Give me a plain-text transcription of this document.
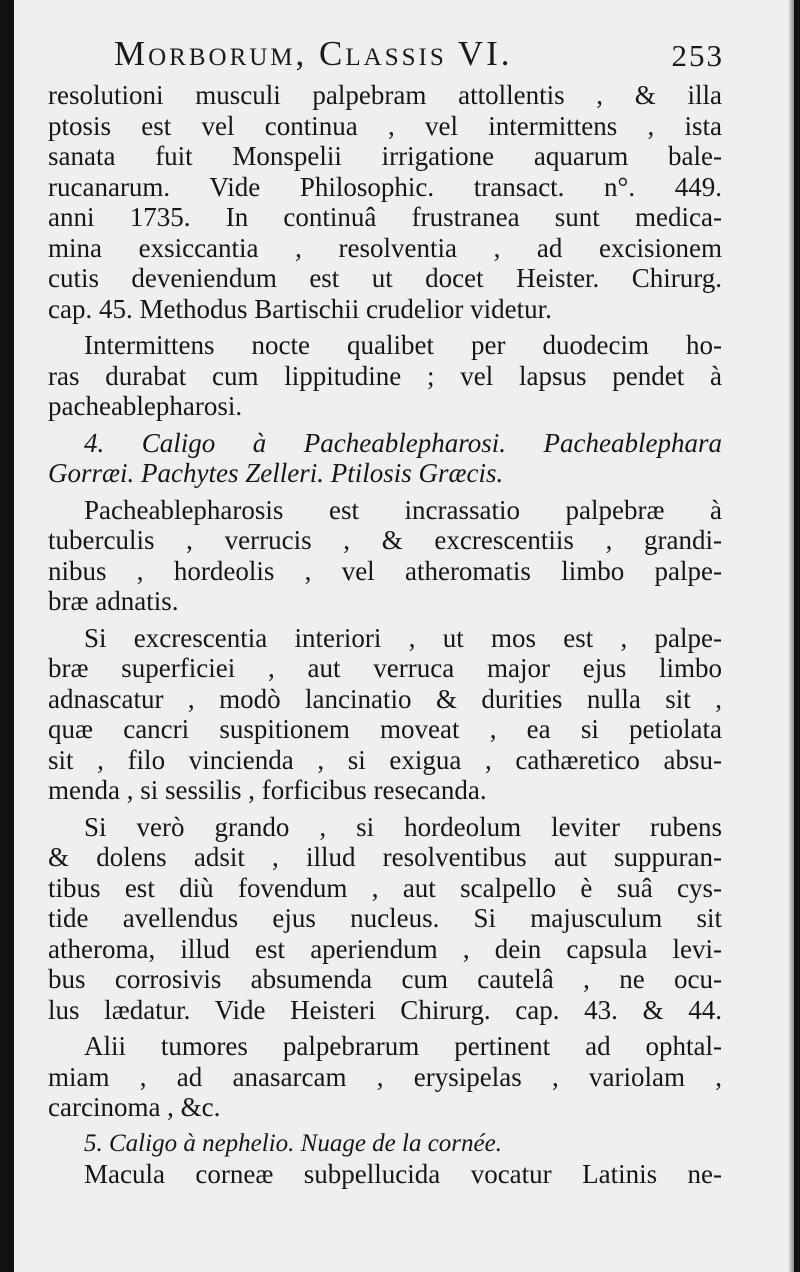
Morborum, Classis VI.	253
resolutioni musculi palpebram attollentis , & illa
ptosis est vel continua , vel intermittens , ista
sanata fuit Monspelii irrigatione aquarum bale-
rucanarum. Vide Philosophic. transact. n°. 449.
anni 1735. In continuâ frustranea sunt medica-
mina exsiccantia , resolventia , ad excisionem
cutis deveniendum est ut docet Heister. Chirurg.
cap. 45. Methodus Bartischii crudelior videtur.
Intermittens nocte qualibet per duodecim ho-
ras durabat cum lippitudine ; vel lapsus pendet à
pacheablepharosi.
4. Caligo à Pacheablepharosi. Pacheablephara
Gorræi. Pachytes Zelleri. Ptilosis Græcis.
Pacheablepharosis est incrassatio palpebræ à
tuberculis , verrucis , & excrescentiis , grandi-
nibus , hordeolis , vel atheromatis limbo palpe-
bræ adnatis.
Si excrescentia interiori , ut mos est , palpe-
bræ superficiei , aut verruca major ejus limbo
adnascatur , modò lancinatio & durities nulla sit ,
quæ cancri suspitionem moveat , ea si petiolata
sit , filo vincienda , si exigua , cathæretico absu-
menda , si sessilis , forficibus resecanda.
Si verò grando , si hordeolum leviter rubens
& dolens adsit , illud resolventibus aut suppuran-
tibus est diù fovendum , aut scalpello è suâ cys-
tide avellendus ejus nucleus. Si majusculum sit
atheroma, illud est aperiendum , dein capsula levi-
bus corrosivis absumenda cum cautelâ , ne ocu-
lus lædatur. Vide Heisteri Chirurg. cap. 43. & 44.
Alii tumores palpebrarum pertinent ad ophtal-
miam , ad anasarcam , erysipelas , variolam ,
carcinoma , &c.
5. Caligo à nephelio. Nuage de la cornée.
Macula corneæ subpellucida vocatur Latinis ne-
